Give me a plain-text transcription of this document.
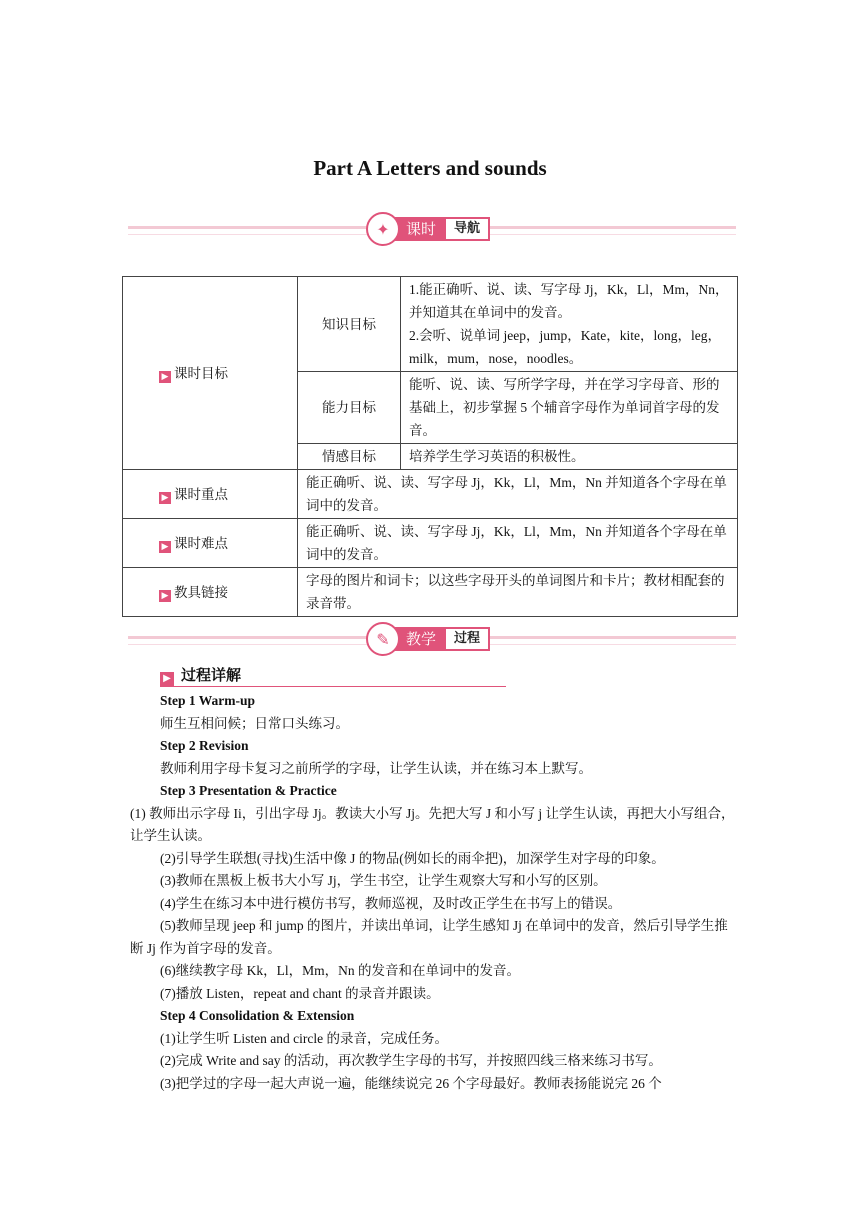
Part A Letters and sounds
✦	课时	导航
▶ 课时目标	知识目标	1.能正确听、说、读、写字母 Jj，Kk，Ll，Mm，Nn，并知道其在单词中的发音。
2.会听、说单词 jeep，jump，Kate，kite，long，leg，milk，mum，nose，noodles。

	能力目标	能听、说、读、写所学字母，并在学习字母音、形的基础上，初步掌握 5 个辅音字母作为单词首字母的发音。
	情感目标	培养学生学习英语的积极性。
▶ 课时重点	能正确听、说、读、写字母 Jj，Kk，Ll，Mm，Nn 并知道各个字母在单词中的发音。	
▶ 课时难点	能正确听、说、读、写字母 Jj，Kk，Ll，Mm，Nn 并知道各个字母在单词中的发音。	
▶ 教具链接	字母的图片和词卡；以这些字母开头的单词图片和卡片；教材相配套的录音带。	
✎	教学	过程
▶ 过程详解

Step 1 Warm-up

师生互相问候；日常口头练习。

Step 2 Revision

教师利用字母卡复习之前所学的字母，让学生认读，并在练习本上默写。

Step 3 Presentation & Practice

(1) 教师出示字母 Ii，引出字母 Jj。教读大小写 Jj。先把大写 J 和小写 j 让学生认读，再把大小写组合，让学生认读。

(2)引导学生联想(寻找)生活中像 J 的物品(例如长的雨伞把)，加深学生对字母的印象。

(3)教师在黑板上板书大小写 Jj，学生书空，让学生观察大写和小写的区别。

(4)学生在练习本中进行模仿书写，教师巡视，及时改正学生在书写上的错误。

(5)教师呈现 jeep 和 jump 的图片，并读出单词，让学生感知 Jj 在单词中的发音，然后引导学生推断 Jj 作为首字母的发音。

(6)继续教字母 Kk，Ll，Mm，Nn 的发音和在单词中的发音。

(7)播放 Listen，repeat and chant 的录音并跟读。

Step 4 Consolidation & Extension

(1)让学生听 Listen and circle 的录音，完成任务。

(2)完成 Write and say 的活动，再次教学生字母的书写，并按照四线三格来练习书写。

(3)把学过的字母一起大声说一遍，能继续说完 26 个字母最好。教师表扬能说完 26 个
